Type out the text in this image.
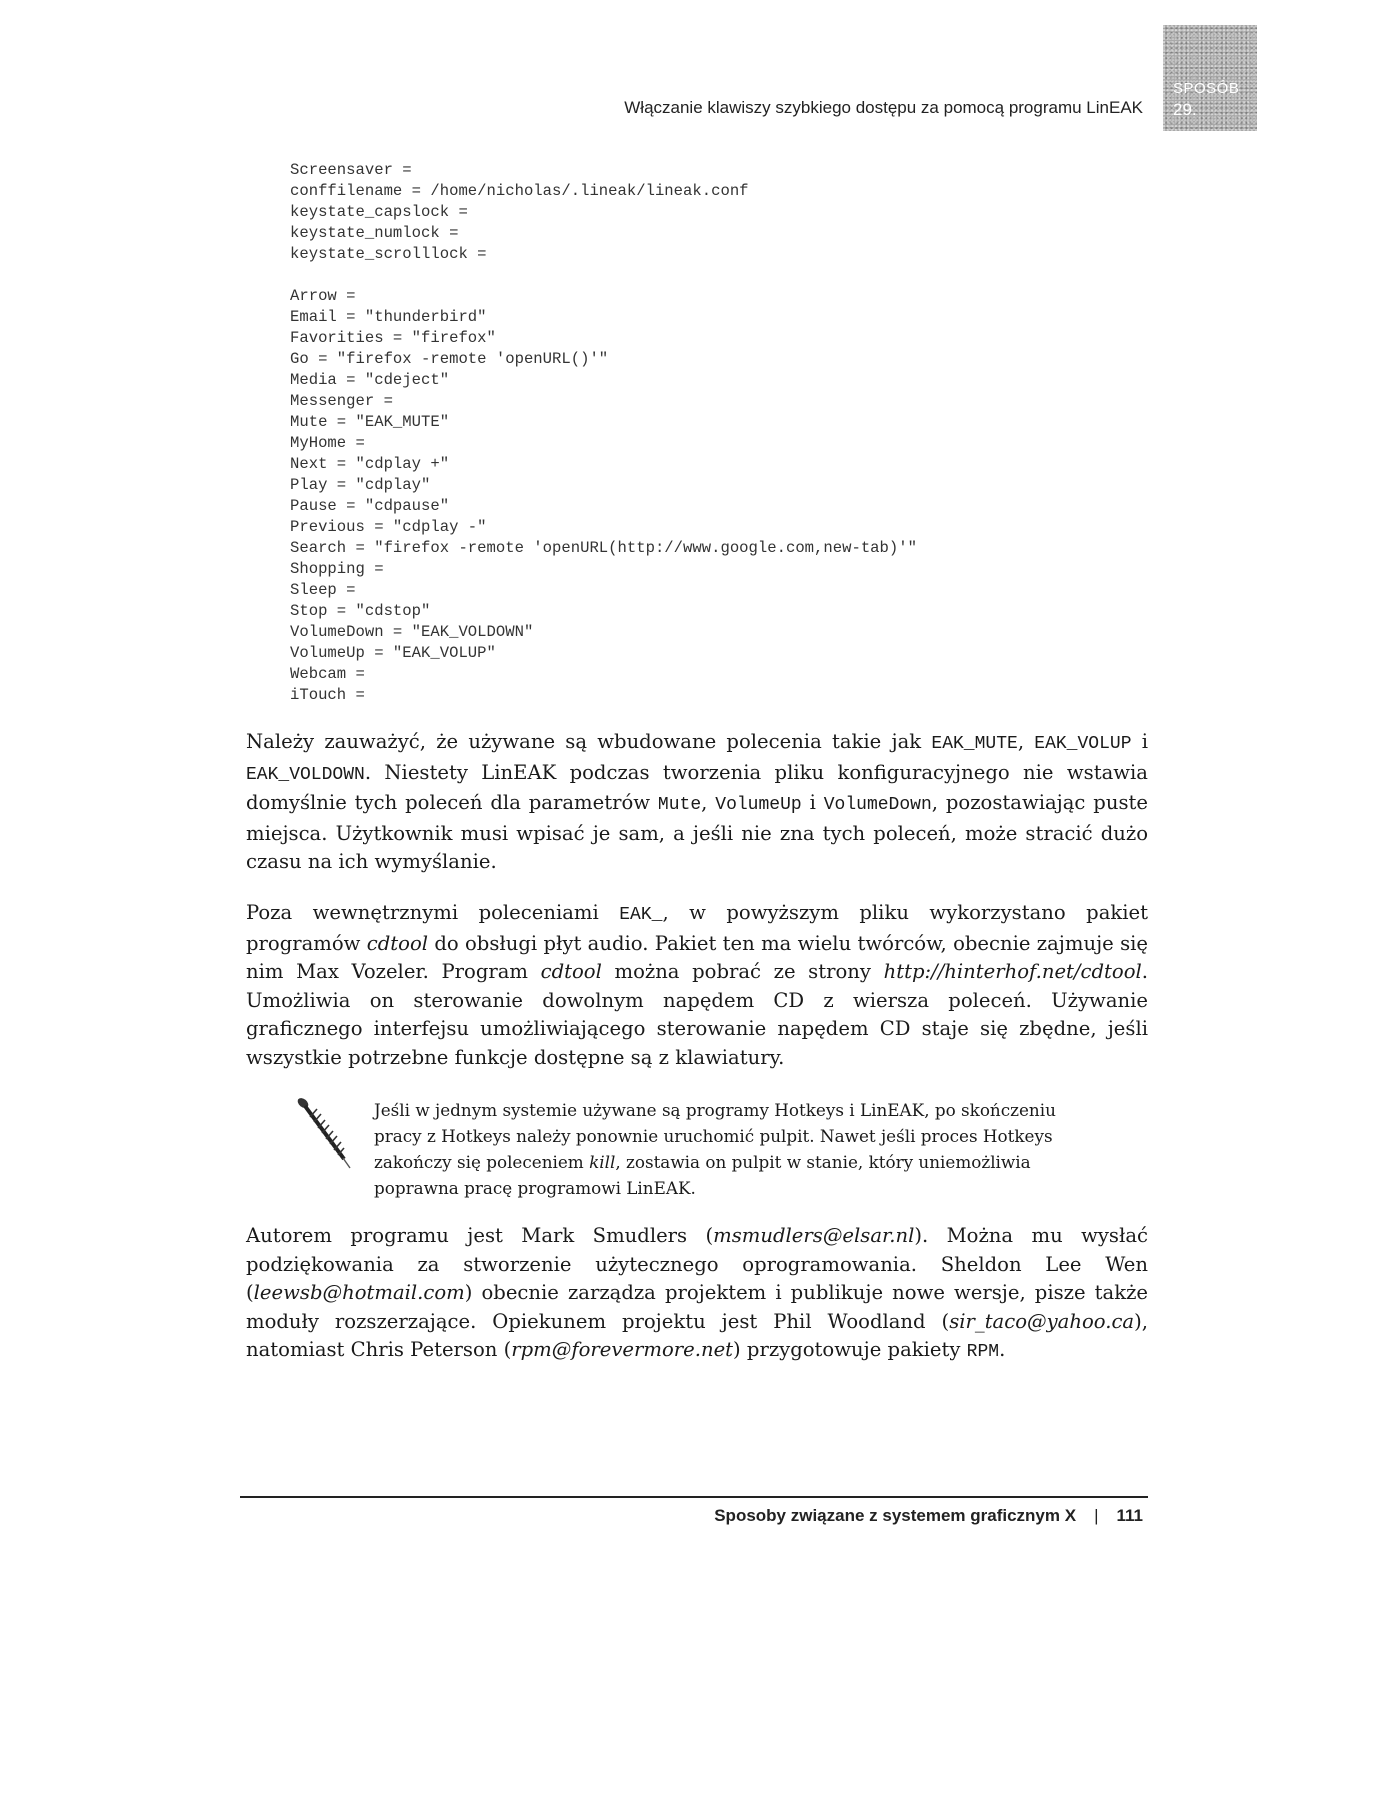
Włączanie klawiszy szybkiego dostępu za pomocą programu LinEAK
SPOSÓB
29.
Screensaver =
conffilename = /home/nicholas/.lineak/lineak.conf
keystate_capslock =
keystate_numlock =
keystate_scrolllock =
Arrow =
Email = "thunderbird"
Favorities = "firefox"
Go = "firefox -remote 'openURL()'"
Media = "cdeject"
Messenger =
Mute = "EAK_MUTE"
MyHome =
Next = "cdplay +"
Play = "cdplay"
Pause = "cdpause"
Previous = "cdplay -"
Search = "firefox -remote 'openURL(http://www.google.com,new-tab)'"
Shopping =
Sleep =
Stop = "cdstop"
VolumeDown = "EAK_VOLDOWN"
VolumeUp = "EAK_VOLUP"
Webcam =
iTouch =

Należy zauważyć, że używane są wbudowane polecenia takie jak EAK_MUTE, EAK_VOLUP i EAK_VOLDOWN. Niestety LinEAK podczas tworzenia pliku konfiguracyjnego nie wstawia domyślnie tych poleceń dla parametrów Mute, VolumeUp i VolumeDown, pozostawiając puste miejsca. Użytkownik musi wpisać je sam, a jeśli nie zna tych poleceń, może stracić dużo czasu na ich wymyślanie.

Poza wewnętrznymi poleceniami EAK_, w powyższym pliku wykorzystano pakiet programów cdtool do obsługi płyt audio. Pakiet ten ma wielu twórców, obecnie zajmuje się nim Max Vozeler. Program cdtool można pobrać ze strony http://hinterhof.net/cdtool. Umożliwia on sterowanie dowolnym napędem CD z wiersza poleceń. Używanie graficznego interfejsu umożliwiającego sterowanie napędem CD staje się zbędne, jeśli wszystkie potrzebne funkcje dostępne są z klawiatury.

Jeśli w jednym systemie używane są programy Hotkeys i LinEAK, po skończeniu pracy z Hotkeys należy ponownie uruchomić pulpit. Nawet jeśli proces Hotkeys zakończy się poleceniem kill, zostawia on pulpit w stanie, który uniemożliwia poprawna pracę programowi LinEAK.

Autorem programu jest Mark Smudlers (msmudlers@elsar.nl). Można mu wysłać podziękowania za stworzenie użytecznego oprogramowania. Sheldon Lee Wen (leewsb@hotmail.com) obecnie zarządza projektem i publikuje nowe wersje, pisze także moduły rozszerzające. Opiekunem projektu jest Phil Woodland (sir_taco@yahoo.ca), natomiast Chris Peterson (rpm@forevermore.net) przygotowuje pakiety RPM.

Sposoby związane z systemem graficznym X | 111
